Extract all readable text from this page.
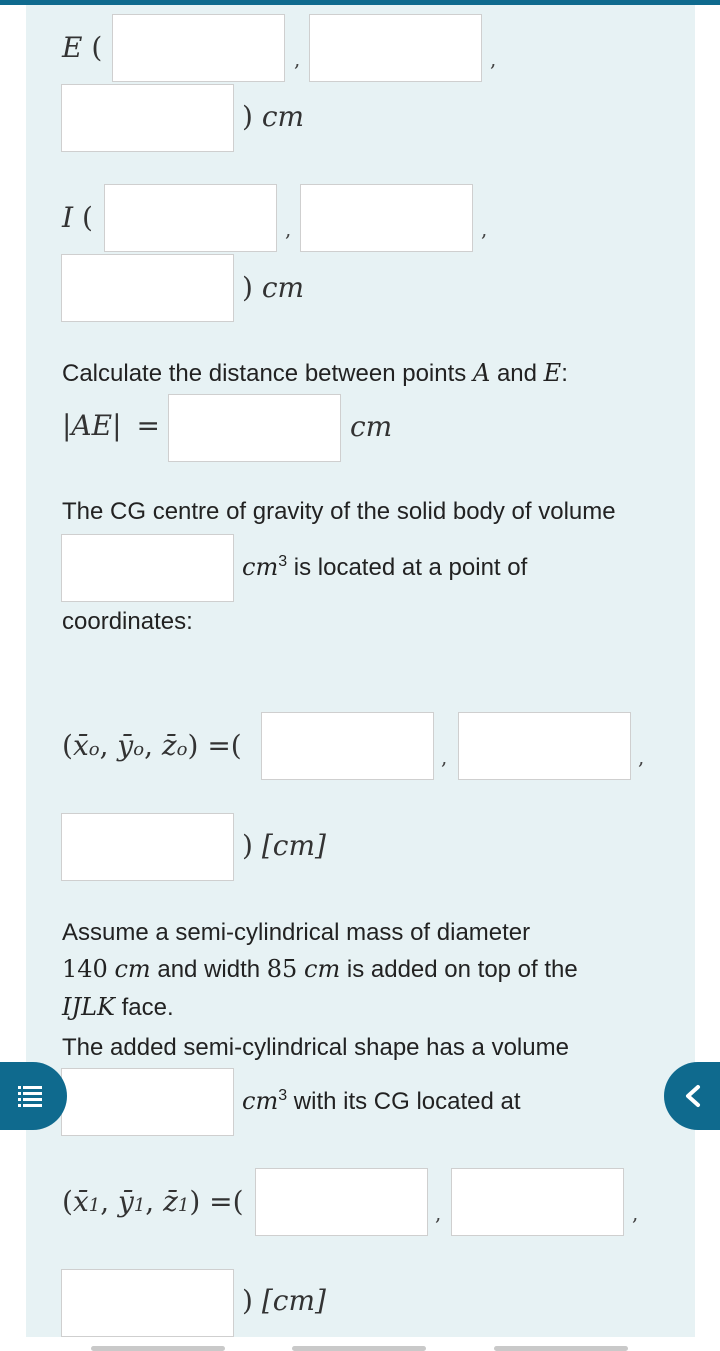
E (	,	,
) cm
I (	,	,
) cm
Calculate the distance between points A and E:
|AE| =	cm
The CG centre of gravity of the solid body of volume
$cm^3$ is located at a point of
coordinates:
(x̄o, ȳo, z̄o) =(	,	,
) [cm]
Assume a semi-cylindrical mass of diameter
140 cm and width 85 cm is added on top of the
IJLK face.
The added semi-cylindrical shape has a volume
$cm^3$ with its CG located at
(x̄1, ȳ1, z̄1) =(	,	,
) [cm]
